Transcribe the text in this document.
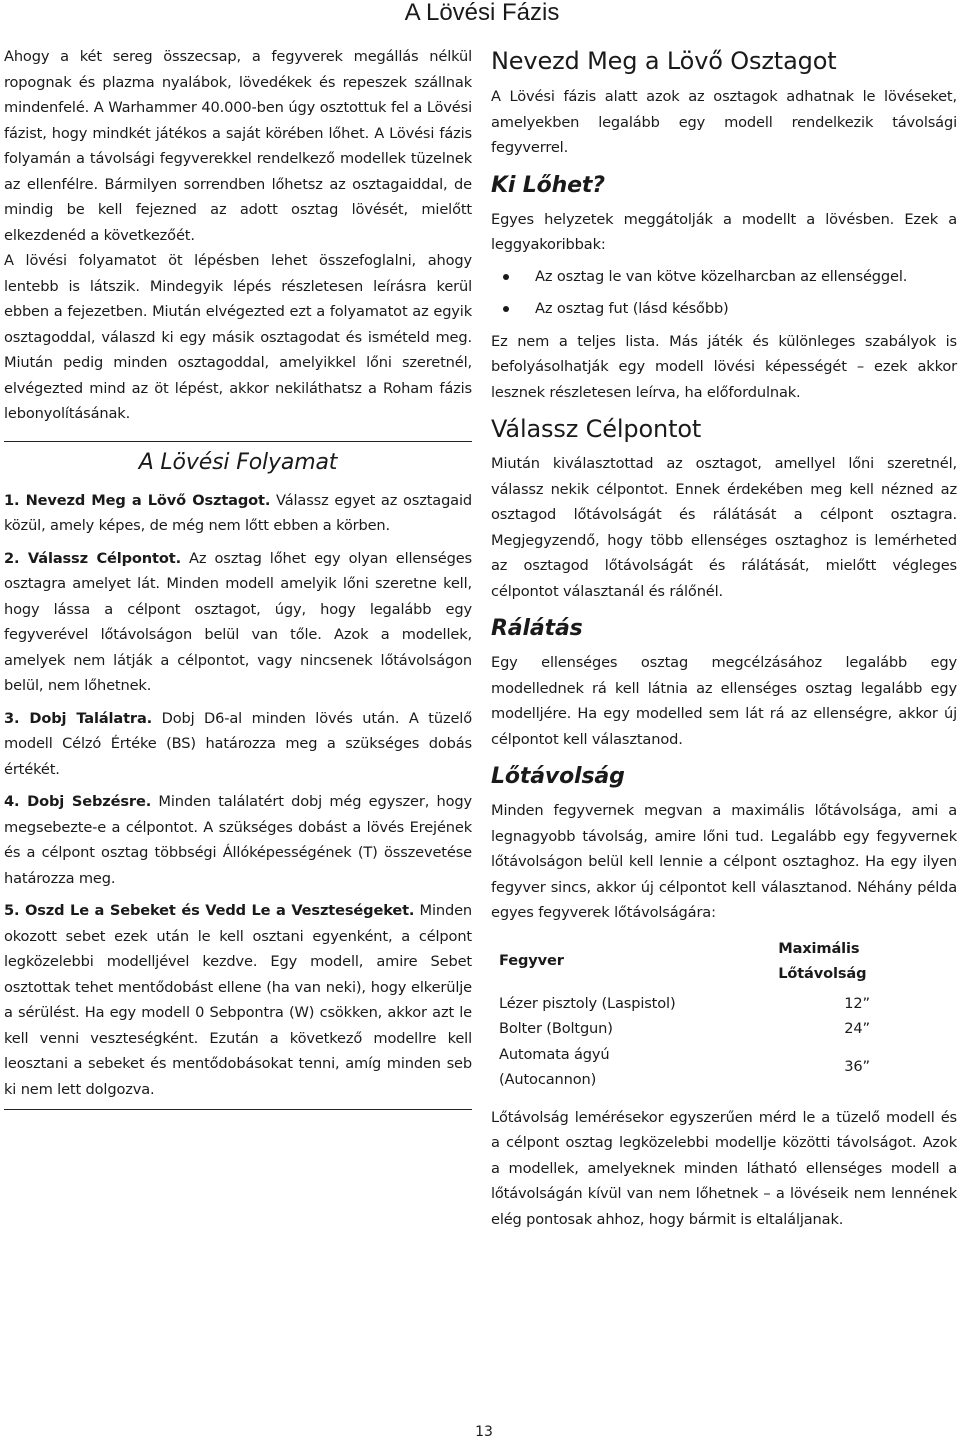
A Lövési Fázis

Ahogy a két sereg összecsap, a fegyverek megállás nélkül ropognak és plazma nyalábok, lövedékek és repeszek szállnak mindenfelé. A Warhammer 40.000-ben úgy osztottuk fel a Lövési fázist, hogy mindkét játékos a saját körében lőhet. A Lövési fázis folyamán a távolsági fegyverekkel rendelkező modellek tüzelnek az ellenfélre. Bármilyen sorrendben lőhetsz az osztagaiddal, de mindig be kell fejezned az adott osztag lövését, mielőtt elkezdenéd a következőét.

A lövési folyamatot öt lépésben lehet összefoglalni, ahogy lentebb is látszik. Mindegyik lépés részletesen leírásra kerül ebben a fejezetben. Miután elvégezted ezt a folyamatot az egyik osztagoddal, válaszd ki egy másik osztagodat és ismételd meg. Miután pedig minden osztagoddal, amelyikkel lőni szeretnél, elvégezted mind az öt lépést, akkor nekiláthatsz a Roham fázis lebonyolításának.

A Lövési Folyamat

1. Nevezd Meg a Lövő Osztagot. Válassz egyet az osztagaid közül, amely képes, de még nem lőtt ebben a körben.

2. Válassz Célpontot. Az osztag lőhet egy olyan ellenséges osztagra amelyet lát. Minden modell amelyik lőni szeretne kell, hogy lássa a célpont osztagot, úgy, hogy legalább egy fegyverével lőtávolságon belül van tőle. Azok a modellek, amelyek nem látják a célpontot, vagy nincsenek lőtávolságon belül, nem lőhetnek.

3. Dobj Találatra. Dobj D6-al minden lövés után. A tüzelő modell Célzó Értéke (BS) határozza meg a szükséges dobás értékét.

4. Dobj Sebzésre. Minden találatért dobj még egyszer, hogy megsebezte-e a célpontot. A szükséges dobást a lövés Erejének és a célpont osztag többségi Állóképességének (T) összevetése határozza meg.

5. Oszd Le a Sebeket és Vedd Le a Veszteségeket. Minden okozott sebet ezek után le kell osztani egyenként, a célpont legközelebbi modelljével kezdve. Egy modell, amire Sebet osztottak tehet mentődobást ellene (ha van neki), hogy elkerülje a sérülést. Ha egy modell 0 Sebpontra (W) csökken, akkor azt le kell venni veszteségként. Ezután a következő modellre kell leosztani a sebeket és mentődobásokat tenni, amíg minden seb ki nem lett dolgozva.

Nevezd Meg a Lövő Osztagot

A Lövési fázis alatt azok az osztagok adhatnak le lövéseket, amelyekben legalább egy modell rendelkezik távolsági fegyverrel.

Ki Lőhet?

Egyes helyzetek meggátolják a modellt a lövésben. Ezek a leggyakoribbak:

Az osztag le van kötve közelharcban az ellenséggel.
Az osztag fut (lásd később)

Ez nem a teljes lista. Más játék és különleges szabályok is befolyásolhatják egy modell lövési képességét – ezek akkor lesznek részletesen leírva, ha előfordulnak.

Válassz Célpontot

Miután kiválasztottad az osztagot, amellyel lőni szeretnél, válassz nekik célpontot. Ennek érdekében meg kell nézned az osztagod lőtávolságát és rálátását a célpont osztagra. Megjegyzendő, hogy több ellenséges osztaghoz is lemérheted az osztagod lőtávolságát és rálátását, mielőtt végleges célpontot választanál és rálőnél.

Rálátás

Egy ellenséges osztag megcélzásához legalább egy modellednek rá kell látnia az ellenséges osztag legalább egy modelljére. Ha egy modelled sem lát rá az ellenségre, akkor új célpontot kell választanod.

Lőtávolság

Minden fegyvernek megvan a maximális lőtávolsága, ami a legnagyobb távolság, amire lőni tud. Legalább egy fegyvernek lőtávolságon belül kell lennie a célpont osztaghoz. Ha egy ilyen fegyver sincs, akkor új célpontot kell választanod. Néhány példa egyes fegyverek lőtávolságára:

Fegyver	Maximális Lőtávolság
Lézer pisztoly (Laspistol)	12”
Bolter (Boltgun)	24”
Automata ágyú (Autocannon)	36”

Lőtávolság lemérésekor egyszerűen mérd le a tüzelő modell és a célpont osztag legközelebbi modellje közötti távolságot. Azok a modellek, amelyeknek minden látható ellenséges modell a lőtávolságán kívül van nem lőhetnek – a lövéseik nem lennének elég pontosak ahhoz, hogy bármit is eltaláljanak.

13
